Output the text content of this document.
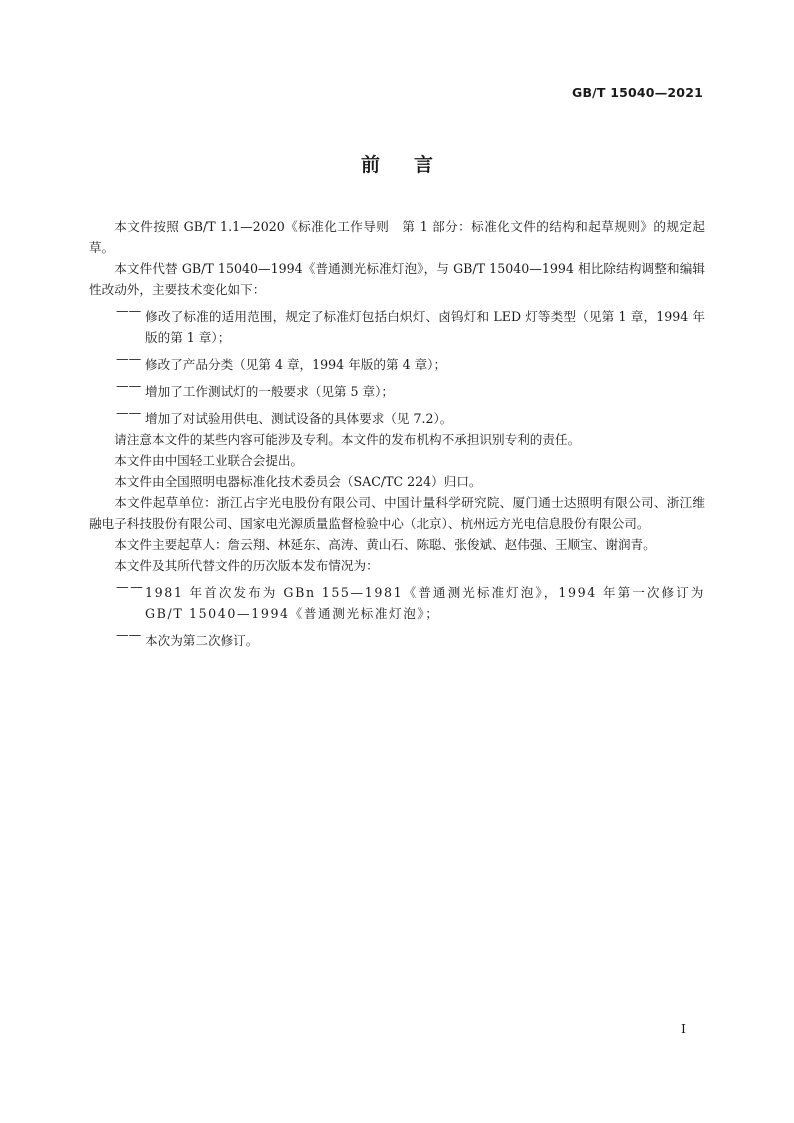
GB/T 15040—2021

前言

本文件按照 GB/T 1.1—2020《标准化工作导则　第 1 部分：标准化文件的结构和起草规则》的规定起草。

本文件代替 GB/T 15040—1994《普通测光标准灯泡》，与 GB/T 15040—1994 相比除结构调整和编辑性改动外，主要技术变化如下：

—— 修改了标准的适用范围，规定了标准灯包括白炽灯、卤钨灯和 LED 灯等类型（见第 1 章，1994 年版的第 1 章）；

—— 修改了产品分类（见第 4 章，1994 年版的第 4 章）；

—— 增加了工作测试灯的一般要求（见第 5 章）；

—— 增加了对试验用供电、测试设备的具体要求（见 7.2）。

请注意本文件的某些内容可能涉及专利。本文件的发布机构不承担识别专利的责任。

本文件由中国轻工业联合会提出。

本文件由全国照明电器标准化技术委员会（SAC/TC 224）归口。

本文件起草单位：浙江占宇光电股份有限公司、中国计量科学研究院、厦门通士达照明有限公司、浙江维融电子科技股份有限公司、国家电光源质量监督检验中心（北京）、杭州远方光电信息股份有限公司。

本文件主要起草人：詹云翔、林延东、高涛、黄山石、陈聪、张俊斌、赵伟强、王顺宝、谢润青。

本文件及其所代替文件的历次版本发布情况为：

——1981 年首次发布为 GBn 155—1981《普通测光标准灯泡》，1994 年第一次修订为 GB/T 15040—1994《普通测光标准灯泡》；

—— 本次为第二次修订。

I
